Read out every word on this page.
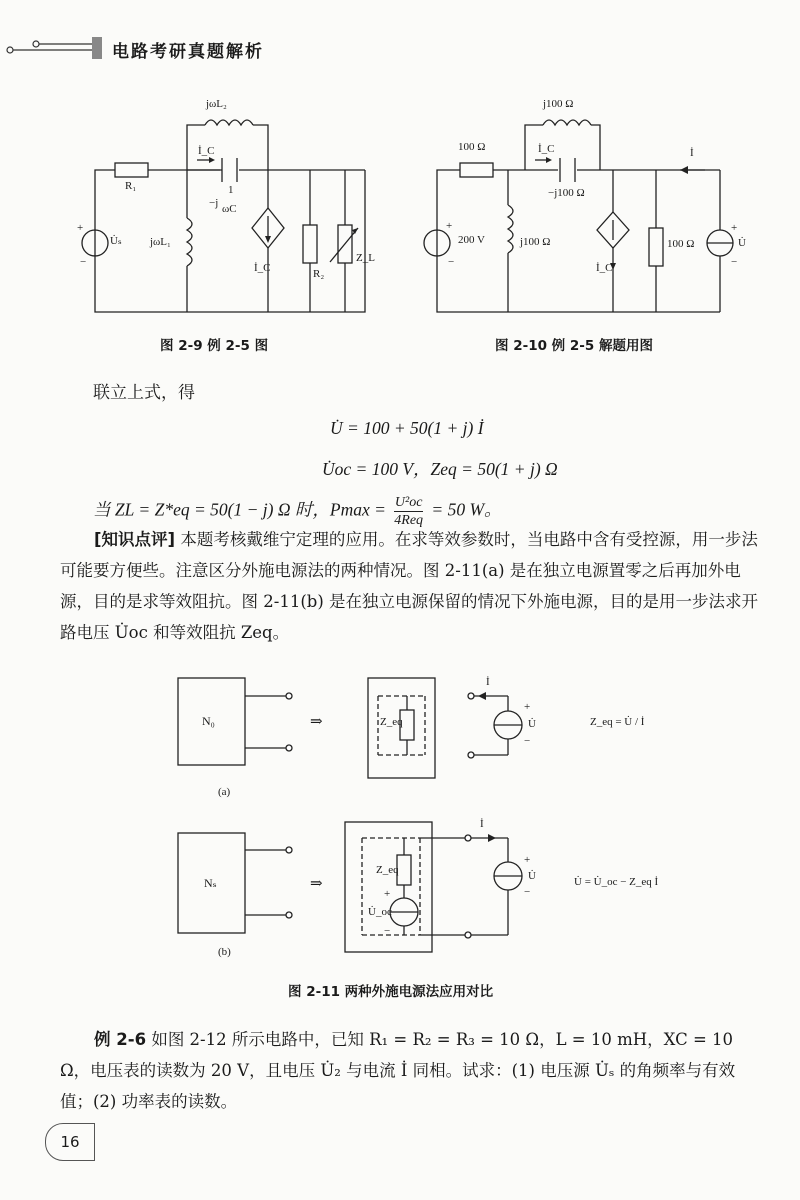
电路考研真题解析
jωL₂
R₁
İ_C
−j
1
ωC
+
U̇ₛ
−
jωL₁
İ_C	R₂
Z_L
图 2-9 例 2-5 图
j100 Ω
100 Ω	İ_C
−j100 Ω
+
200 V
−
j100 Ω
İ_C
100 Ω
İ
+
U̇
−
图 2-10 例 2-5 解题用图
联立上式，得
U̇ = 100 + 50(1 + j) İ
U̇oc = 100 V，Zeq = 50(1 + j) Ω
当 ZL = Z*eq = 50(1 − j) Ω 时，Pmax = U²oc
4Req
= 50 W。
[知识点评] 本题考核戴维宁定理的应用。在求等效参数时，当电路中含有受控源，用一步法可能要方便些。注意区分外施电源法的两种情况。图 2-11(a) 是在独立电源置零之后再加外电源，目的是求等效阻抗。图 2-11(b) 是在独立电源保留的情况下外施电源，目的是用一步法求开路电压 U̇oc 和等效阻抗 Zeq。
N₀	⇒	Z_eq
İ
+
U̇
−
Z_eq = U̇ / İ
(a)
Nₛ	⇒
Z_eq
+
U̇_oc
−
İ
+
U̇
−
U̇ = U̇_oc − Z_eq İ
(b)
图 2-11 两种外施电源法应用对比
例 2-6 如图 2-12 所示电路中，已知 R₁ = R₂ = R₃ = 10 Ω，L = 10 mH，XC = 10 Ω，电压表的读数为 20 V，且电压 U̇₂ 与电流 İ 同相。试求：(1) 电压源 U̇ₛ 的角频率与有效值；(2) 功率表的读数。
16
